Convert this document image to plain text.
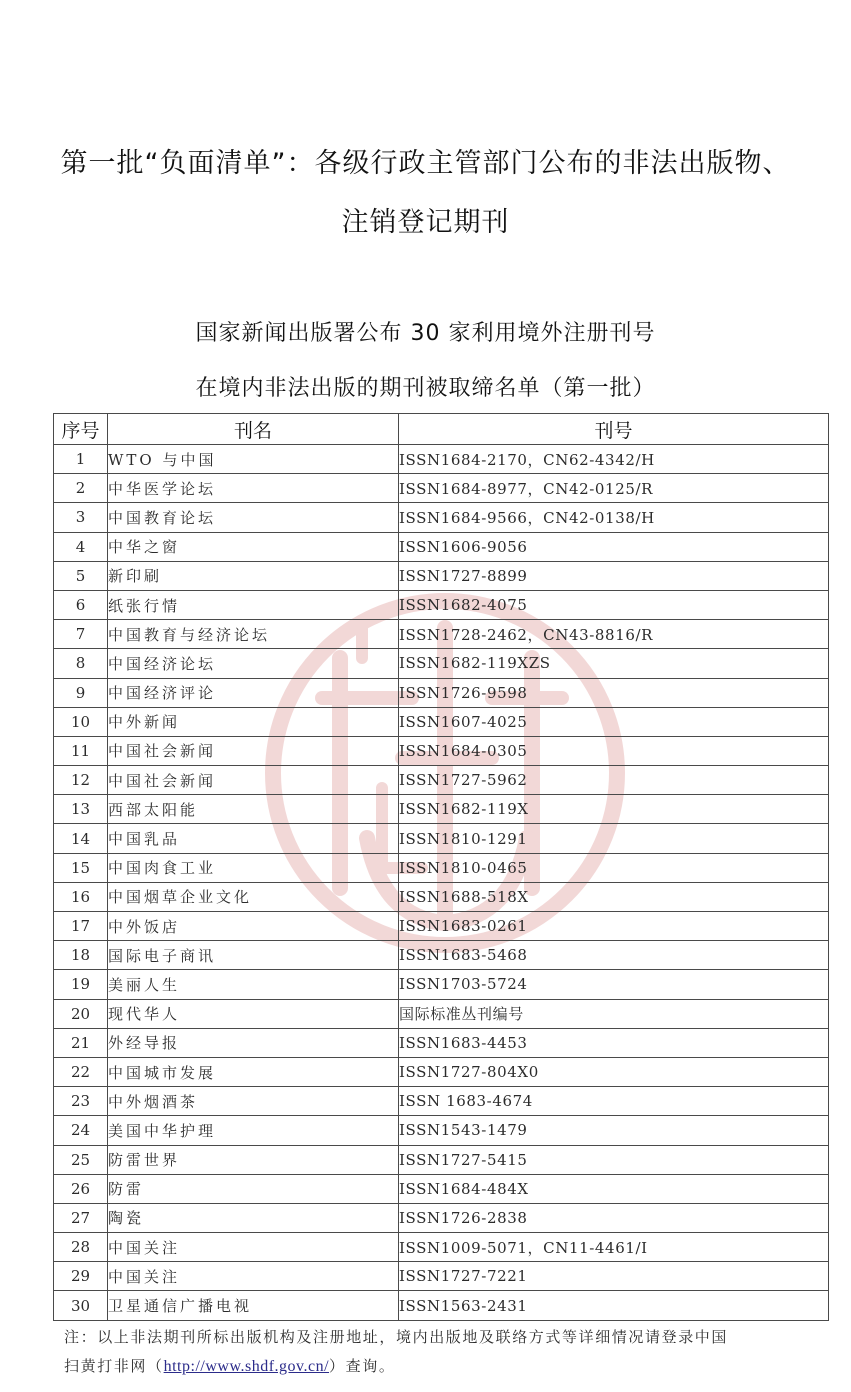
第一批“负面清单”：各级行政主管部门公布的非法出版物、
注销登记期刊
国家新闻出版署公布 30 家利用境外注册刊号
在境内非法出版的期刊被取缔名单（第一批）
序号	刊名	刊号
1	WTO 与中国	ISSN1684-2170，CN62-4342/H
2	中华医学论坛	ISSN1684-8977，CN42-0125/R
3	中国教育论坛	ISSN1684-9566，CN42-0138/H
4	中华之窗	ISSN1606-9056
5	新印刷	ISSN1727-8899
6	纸张行情	ISSN1682-4075
7	中国教育与经济论坛	ISSN1728-2462，CN43-8816/R
8	中国经济论坛	ISSN1682-119XZS
9	中国经济评论	ISSN1726-9598
10	中外新闻	ISSN1607-4025
11	中国社会新闻	ISSN1684-0305
12	中国社会新闻	ISSN1727-5962
13	西部太阳能	ISSN1682-119X
14	中国乳品	ISSN1810-1291
15	中国肉食工业	ISSN1810-0465
16	中国烟草企业文化	ISSN1688-518X
17	中外饭店	ISSN1683-0261
18	国际电子商讯	ISSN1683-5468
19	美丽人生	ISSN1703-5724
20	现代华人	国际标准丛刊编号
21	外经导报	ISSN1683-4453
22	中国城市发展	ISSN1727-804X0
23	中外烟酒茶	ISSN 1683-4674
24	美国中华护理	ISSN1543-1479
25	防雷世界	ISSN1727-5415
26	防雷	ISSN1684-484X
27	陶瓷	ISSN1726-2838
28	中国关注	ISSN1009-5071，CN11-4461/I
29	中国关注	ISSN1727-7221
30	卫星通信广播电视	ISSN1563-2431
注：以上非法期刊所标出版机构及注册地址，境内出版地及联络方式等详细情况请登录中国
扫黄打非网（http://www.shdf.gov.cn/）查询。
